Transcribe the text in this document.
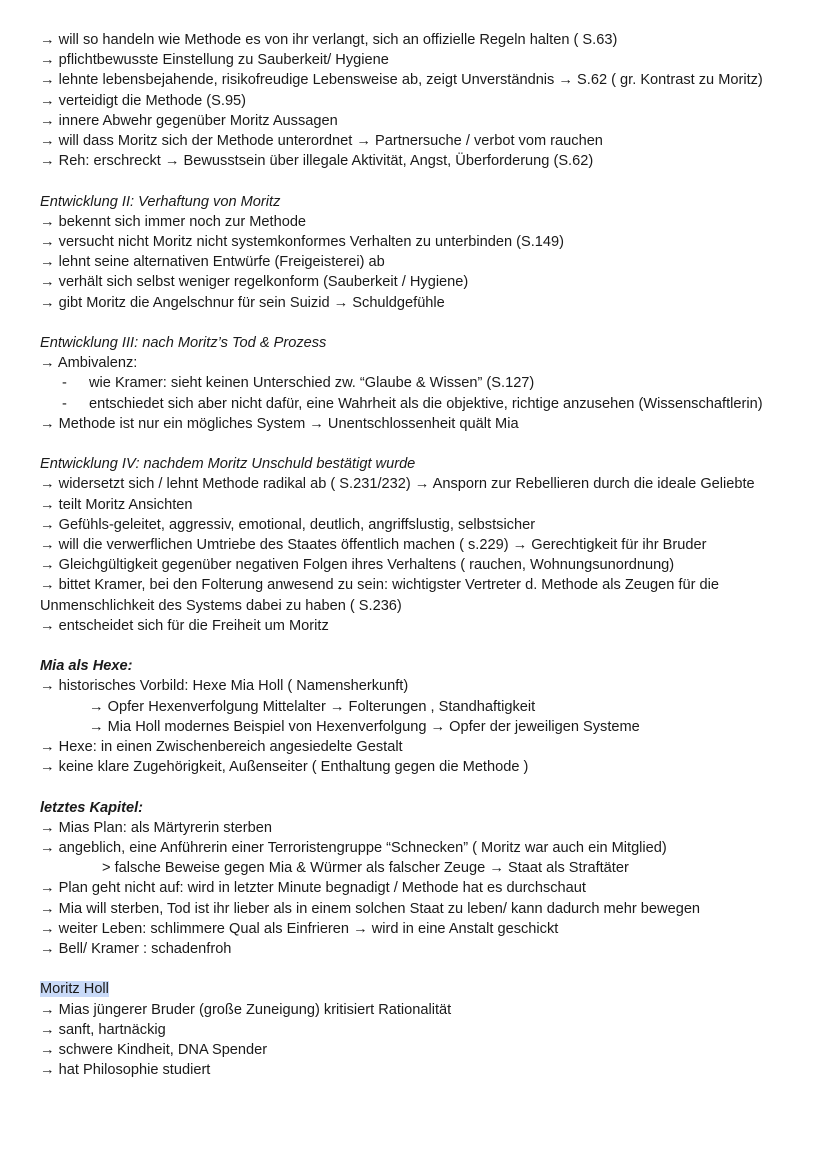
→ will so handeln wie Methode es von ihr verlangt, sich an offizielle Regeln halten ( S.63)
→ pflichtbewusste Einstellung zu Sauberkeit/ Hygiene
→ lehnte lebensbejahende, risikofreudige Lebensweise ab, zeigt Unverständnis → S.62 ( gr. Kontrast zu Moritz)
→ verteidigt die Methode (S.95)
→ innere Abwehr gegenüber Moritz Aussagen
→ will dass Moritz sich der Methode unterordnet → Partnersuche / verbot vom rauchen
→ Reh: erschreckt → Bewusstsein über illegale Aktivität, Angst, Überforderung (S.62)
Entwicklung II: Verhaftung von Moritz
→ bekennt sich immer noch zur Methode
→ versucht nicht Moritz nicht systemkonformes Verhalten zu unterbinden (S.149)
→ lehnt seine alternativen Entwürfe (Freigeisterei) ab
→ verhält sich selbst weniger regelkonform (Sauberkeit / Hygiene)
→ gibt Moritz die Angelschnur für sein Suizid → Schuldgefühle
Entwicklung III: nach Moritz’s Tod & Prozess
→ Ambivalenz:
- wie Kramer: sieht keinen Unterschied zw. “Glaube & Wissen” (S.127)
- entschiedet sich aber nicht dafür, eine Wahrheit als die objektive, richtige anzusehen (Wissenschaftlerin)
→ Methode ist nur ein mögliches System → Unentschlossenheit quält Mia
Entwicklung IV: nachdem Moritz Unschuld bestätigt wurde
→ widersetzt sich / lehnt Methode radikal ab ( S.231/232) → Ansporn zur Rebellieren durch die ideale Geliebte
→ teilt Moritz Ansichten
→ Gefühls-geleitet, aggressiv, emotional, deutlich, angriffslustig, selbstsicher
→ will die verwerflichen Umtriebe des Staates öffentlich machen ( s.229) → Gerechtigkeit für ihr Bruder
→ Gleichgültigkeit gegenüber negativen Folgen ihres Verhaltens ( rauchen, Wohnungsunordnung)
→ bittet Kramer, bei den Folterung anwesend zu sein: wichtigster Vertreter d. Methode als Zeugen für die Unmenschlichkeit des Systems dabei zu haben ( S.236)
→ entscheidet sich für die Freiheit um Moritz
Mia als Hexe:
→ historisches Vorbild: Hexe Mia Holl ( Namensherkunft)
→ Opfer Hexenverfolgung Mittelalter → Folterungen , Standhaftigkeit
→ Mia Holl modernes Beispiel von Hexenverfolgung → Opfer der jeweiligen Systeme
→ Hexe: in einen Zwischenbereich angesiedelte Gestalt
→ keine klare Zugehörigkeit, Außenseiter ( Enthaltung gegen die Methode )
letztes Kapitel:
→ Mias Plan: als Märtyrerin sterben
→ angeblich, eine Anführerin einer Terroristengruppe “Schnecken” ( Moritz war auch ein Mitglied)
> falsche Beweise gegen Mia & Würmer als falscher Zeuge → Staat als Straftäter
→ Plan geht nicht auf: wird in letzter Minute begnadigt / Methode hat es durchschaut
→ Mia will sterben, Tod ist ihr lieber als in einem solchen Staat zu leben/ kann dadurch mehr bewegen
→ weiter Leben: schlimmere Qual als Einfrieren → wird in eine Anstalt geschickt
→ Bell/ Kramer : schadenfroh
Moritz Holl
→ Mias jüngerer Bruder (große Zuneigung) kritisiert Rationalität
→ sanft, hartnäckig
→ schwere Kindheit, DNA Spender
→ hat Philosophie studiert
